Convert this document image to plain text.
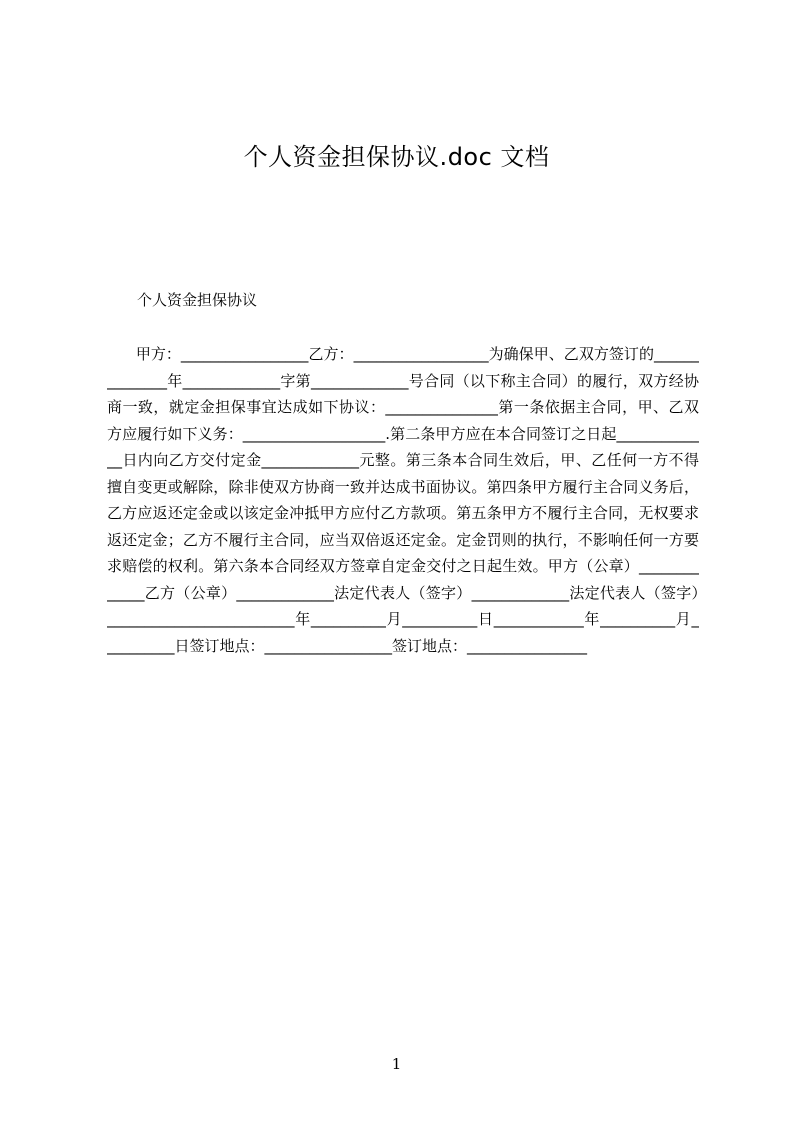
个人资金担保协议.doc 文档
个人资金担保协议
甲方：_________________乙方：__________________为确保甲、乙双方签订的______________年_____________字第_____________号合同（以下称主合同）的履行，双方经协商一致，就定金担保事宜达成如下协议：_______________第一条依据主合同，甲、乙双方应履行如下义务：___________________.第二条甲方应在本合同签订之日起_____________日内向乙方交付定金_____________元整。第三条本合同生效后，甲、乙任何一方不得擅自变更或解除，除非使双方协商一致并达成书面协议。第四条甲方履行主合同义务后，乙方应返还定金或以该定金冲抵甲方应付乙方款项。第五条甲方不履行主合同，无权要求返还定金；乙方不履行主合同，应当双倍返还定金。定金罚则的执行，不影响任何一方要求赔偿的权利。第六条本合同经双方签章自定金交付之日起生效。甲方（公章）_____________乙方（公章）_____________法定代表人（签字）_____________法定代表人（签字）_________________________年__________月__________日____________年__________月__________日签订地点：_________________签订地点：________________
1
